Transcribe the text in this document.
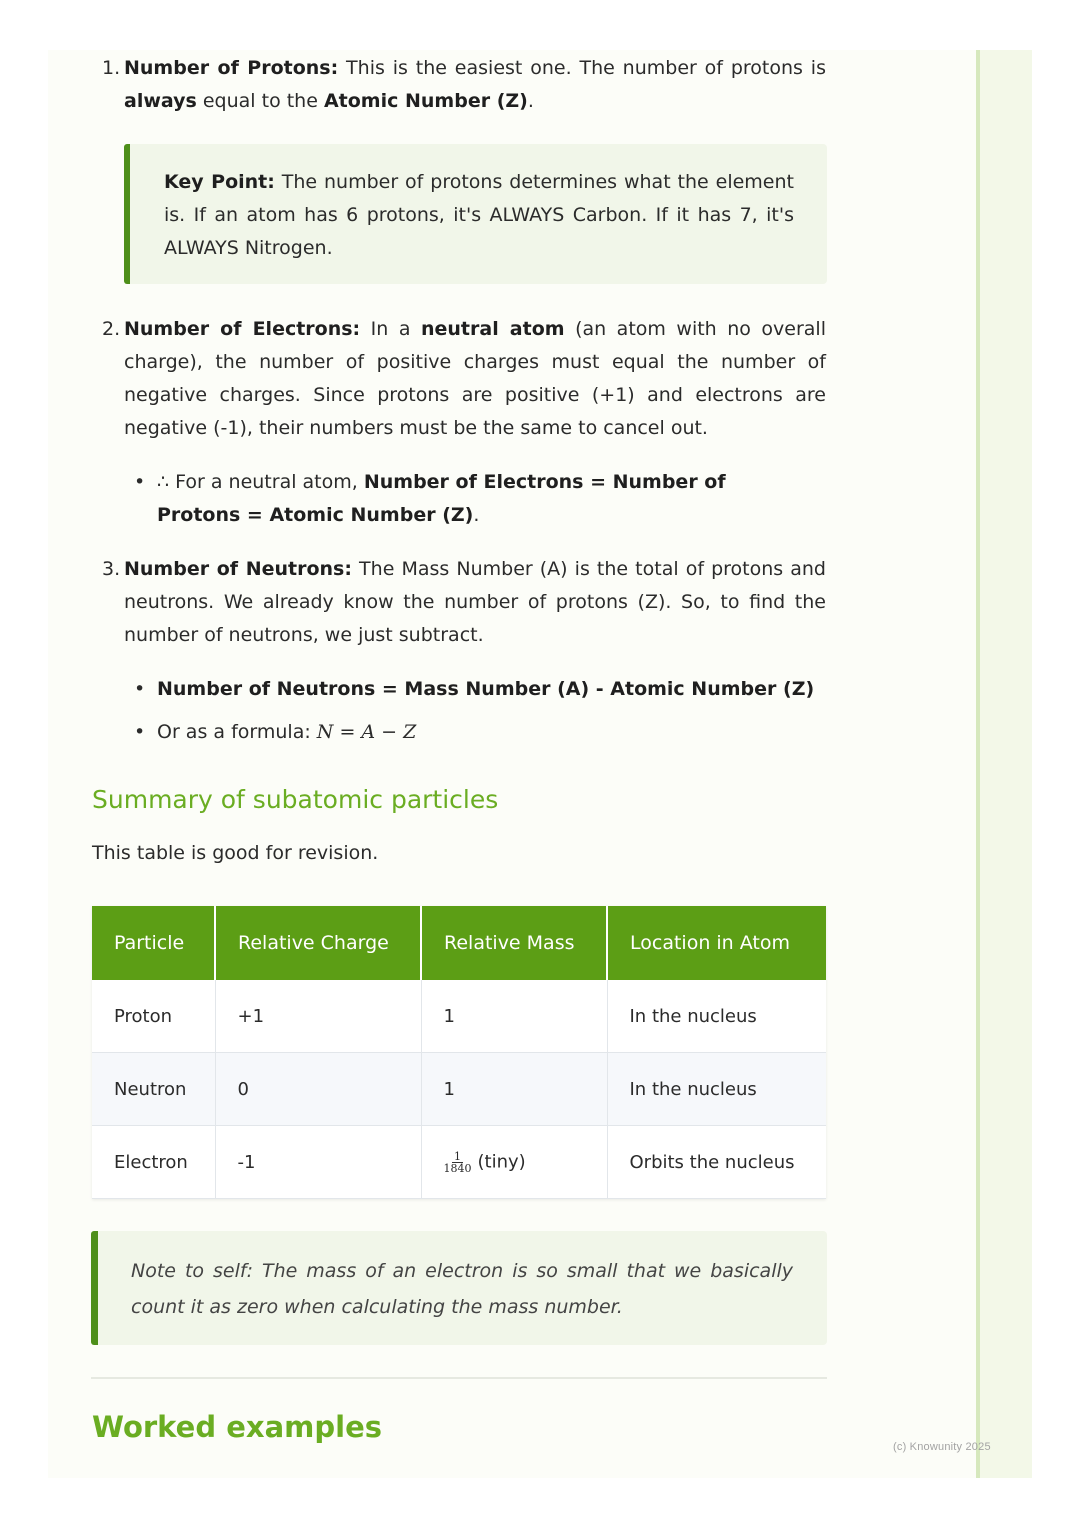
1. Number of Protons: This is the easiest one. The number of protons is always equal to the Atomic Number (Z).
Key Point: The number of protons determines what the element is. If an atom has 6 protons, it's ALWAYS Carbon. If it has 7, it's ALWAYS Nitrogen.
2. Number of Electrons: In a neutral atom (an atom with no overall charge), the number of positive charges must equal the number of negative charges. Since protons are positive (+1) and electrons are negative (-1), their numbers must be the same to cancel out.
• ∴ For a neutral atom, Number of Electrons = Number of Protons = Atomic Number (Z).
3. Number of Neutrons: The Mass Number (A) is the total of protons and neutrons. We already know the number of protons (Z). So, to find the number of neutrons, we just subtract.
• Number of Neutrons = Mass Number (A) - Atomic Number (Z)
• Or as a formula: N = A − Z
Summary of subatomic particles
This table is good for revision.
Particle	Relative Charge	Relative Mass	Location in Atom
Proton	+1	1	In the nucleus
Neutron	0	1	In the nucleus
Electron	-1	$\frac{1}{1840}$ (tiny)	Orbits the nucleus
Note to self: The mass of an electron is so small that we basically count it as zero when calculating the mass number.
Worked examples
(c) Knowunity 2025
